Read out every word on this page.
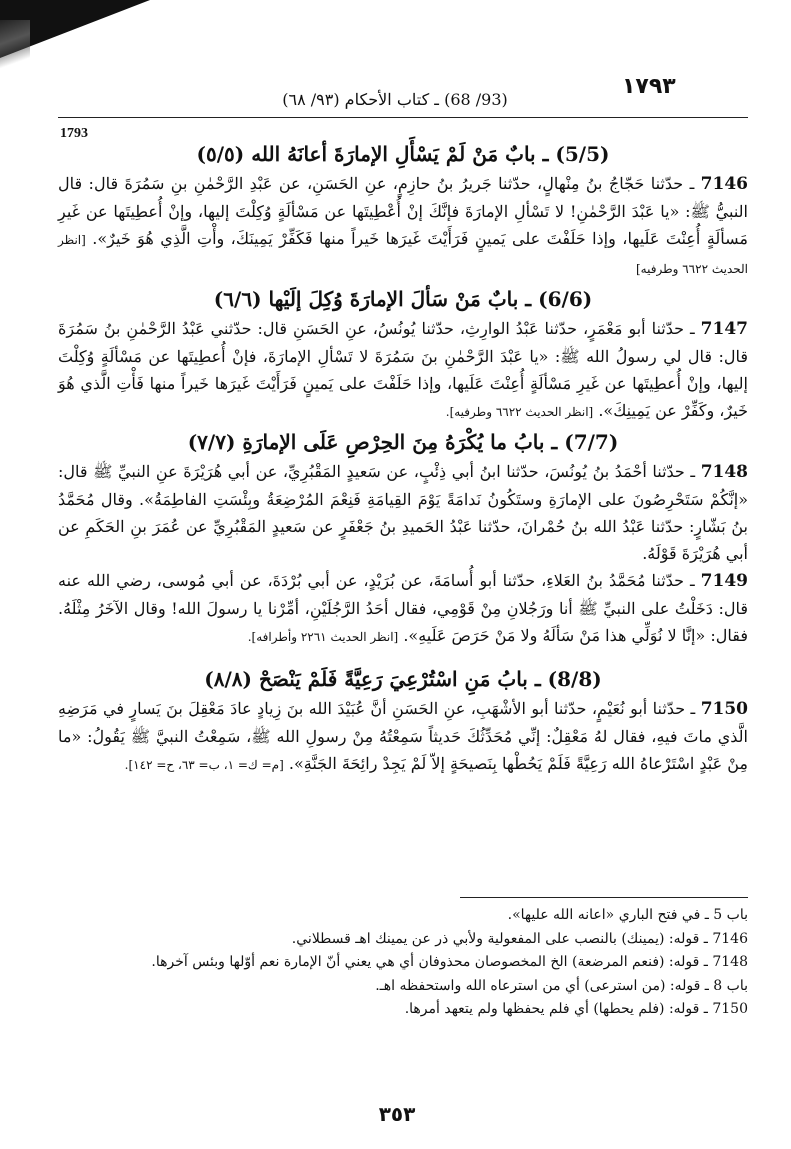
١٧٩٣
(93/ 68) ـ كتاب الأحكام (٩٣/ ٦٨)
1793
(5/5) ـ بابٌ مَنْ لَمْ يَسْأَلِ الإمارَةَ أعانَهُ الله (٥/٥)

7146 ـ حدّثنا حَجّاجُ بنُ مِنْهالٍ، حدّثنا جَريرُ بنُ حازِمٍ، عنِ الحَسَنِ، عن عَبْدِ الرَّحْمٰنِ بنِ سَمُرَةَ قال: قال النبيُّ ﷺ: «يا عَبْدَ الرَّحْمٰنِ! لا تَسْألِ الإمارَةَ فإنَّكَ إنْ أُعْطِيتَها عن مَسْألَةٍ وُكِلْتَ إليها، وإنْ أُعطِيتَها عن غَيرِ مَسألَةٍ أُعِنْتَ عَلَيها، وإذا حَلَفْتَ على يَمينٍ فَرَأَيْتَ غَيرَها خَيراً منها فَكَفِّرْ يَمِينَكَ، وأْتِ الَّذِي هُوَ خَيرٌ». [انظر الحديث ٦٦٢٢ وطرفيه]

(6/6) ـ بابٌ مَنْ سَألَ الإمارَةَ وُكِلَ إلَيْها (٦/٦)

7147 ـ حدّثنا أبو مَعْمَرٍ، حدّثنا عَبْدُ الوارِثِ، حدّثنا يُونُسُ، عنِ الحَسَنِ قال: حدّثني عَبْدُ الرَّحْمٰنِ بنُ سَمُرَةَ قال: قال لي رسولُ الله ﷺ: «يا عَبْدَ الرَّحْمٰنِ بنَ سَمُرَةَ لا تَسْألِ الإمارَةَ، فإنْ أُعطِيتَها عن مَسْألَةٍ وُكِلْتَ إليها، وإنْ أُعطِيتَها عن غَيرِ مَسْألَةٍ أُعِنْتَ عَلَيها، وإذا حَلَفْتَ على يَمينٍ فَرَأَيْتَ غَيرَها خَيراً منها فَأْتِ الَّذي هُوَ خَيرٌ، وكَفِّرْ عن يَمِينِكَ». [انظر الحديث ٦٦٢٢ وطرفيه].

(7/7) ـ بابُ ما يُكْرَهُ مِنَ الحِرْصِ عَلَى الإمارَةِ (٧/٧)

7148 ـ حدّثنا أحْمَدُ بنُ يُونُسَ، حدّثنا ابنُ أبي ذِئْبٍ، عن سَعيدٍ المَقْبُرِيِّ، عن أبي هُرَيْرَةَ عنِ النبيِّ ﷺ قال: «إنَّكُمْ سَتَحْرِصُونَ على الإمارَةِ وستَكُونُ نَدامَةً يَوْمَ القِيامَةِ فَنِعْمَ المُرْضِعَةُ وبِئْسَتِ الفاطِمَةُ». وقال مُحَمَّدُ بنُ بَشّارٍ: حدّثنا عَبْدُ الله بنُ حُمْرانَ، حدّثنا عَبْدُ الحَميدِ بنُ جَعْفَرٍ عن سَعيدٍ المَقْبُرِيِّ عن عُمَرَ بنِ الحَكَمِ عن أبي هُرَيْرَةَ قَوْلَهُ.

7149 ـ حدّثنا مُحَمَّدُ بنُ العَلاءِ، حدّثنا أبو أُسامَةَ، عن بُرَيْدٍ، عن أبي بُرْدَةَ، عن أبي مُوسى، رضي الله عنه قال: دَخَلْتُ على النبيِّ ﷺ أنا ورَجُلانِ مِنْ قَوْمِي، فقال أحَدُ الرَّجُلَيْنِ، أمِّرْنا يا رسولَ الله! وقال الآخَرُ مِثْلَهُ. فقال: «إنَّا لا نُوَلِّي هذا مَنْ سَألَهُ ولا مَنْ حَرَصَ عَلَيهِ». [انظر الحديث ٢٢٦١ وأطرافه].

(8/8) ـ بابُ مَنِ اسْتُرْعِيَ رَعِيَّةً فَلَمْ يَنْصَحْ (٨/٨)

7150 ـ حدّثنا أبو نُعَيْمٍ، حدّثنا أبو الأشْهَبِ، عنِ الحَسَنِ أنَّ عُبَيْدَ الله بنَ زِيادٍ عادَ مَعْقِلَ بنَ يَسارٍ في مَرَضِهِ الَّذي ماتَ فيهِ، فقال لهُ مَعْقِلٌ: إنِّي مُحَدِّثُكَ حَديثاً سَمِعْتُهُ مِنْ رسولِ الله ﷺ، سَمِعْتُ النبيَّ ﷺ يَقُولُ: «ما مِنْ عَبْدٍ اسْتَرْعاهُ الله رَعِيَّةً فَلَمْ يَحُطْها بِنَصيحَةٍ إلاّ لَمْ يَجِدْ رائِحَةَ الجَنَّةِ». [م= ك= ١، ب= ٦٣، ح= ١٤٢].

باب 5 ـ في فتح الباري «اعانه الله عليها».

7146 ـ قوله: (يمينك) بالنصب على المفعولية ولأبي ذر عن يمينك اهـ قسطلاني.

7148 ـ قوله: (فنعم المرضعة) الخ المخصوصان محذوفان أي هي يعني أنّ الإمارة نعم أوّلها وبئس آخرها.

باب 8 ـ قوله: (من استرعى) أي من استرعاه الله واستحفظه اهـ.

7150 ـ قوله: (فلم يحطها) أي فلم يحفظها ولم يتعهد أمرها.

٣٥٣
